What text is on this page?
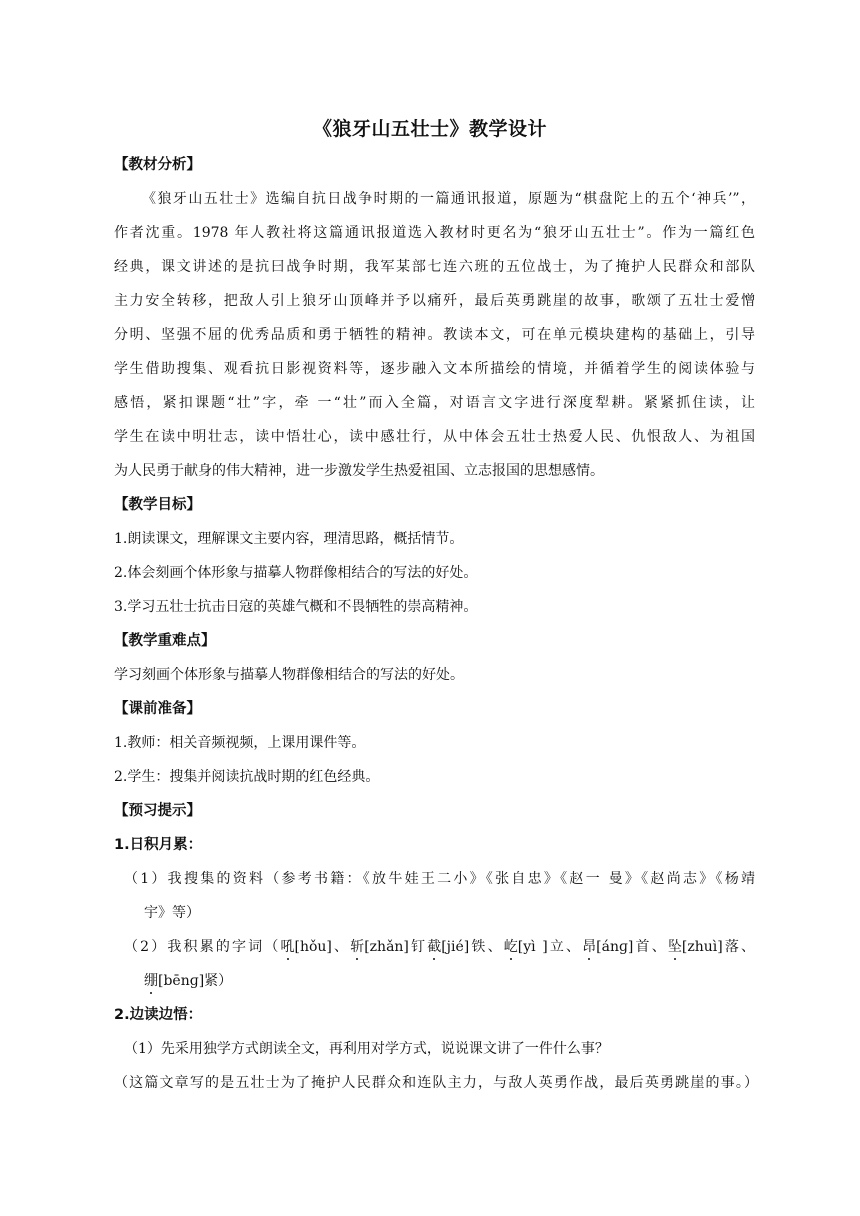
《狼牙山五壮士》教学设计
【教材分析】
《狼牙山五壮士》选编自抗日战争时期的一篇通讯报道，原题为“棋盘陀上的五个‘神兵’”，
作者沈重。1978 年人教社将这篇通讯报道选入教材时更名为“狼牙山五壮士”。作为一篇红色
经典，课文讲述的是抗曰战争时期，我军某部七连六班的五位战士，为了掩护人民群众和部队
主力安全转移，把敌人引上狼牙山顶峰并予以痛歼，最后英勇跳崖的故事，歌颂了五壮士爱憎
分明、坚强不屈的优秀品质和勇于牺牲的精神。教读本文，可在单元模块建构的基础上，引导
学生借助搜集、观看抗日影视资料等，逐步融入文本所描绘的情境，并循着学生的阅读体验与
感悟，紧扣课题“壮”字，牵 一“壮”而入全篇，对语言文字进行深度犁耕。紧紧抓住读，让
学生在读中明壮志，读中悟壮心，读中感壮行，从中体会五壮士热爱人民、仇恨敌人、为祖国
为人民勇于献身的伟大精神，进一步激发学生热爱祖国、立志报国的思想感情。
【教学目标】
1.朗读课文，理解课文主要内容，理清思路，概括情节。
2.体会刻画个体形象与描摹人物群像相结合的写法的好处。
3.学习五壮士抗击日寇的英雄气概和不畏牺牲的崇高精神。
【教学重难点】
学习刻画个体形象与描摹人物群像相结合的写法的好处。
【课前准备】
1.教师：相关音频视频，上课用课件等。
2.学生：搜集并阅读抗战时期的红色经典。
【预习提示】
1.日积月累：
（1）我搜集的资料（参考书籍：《放牛娃王二小》《张自忠》《赵一 曼》《赵尚志》《杨靖
宇》等）
（2）我积累的字词（吼[hǒu]、斩[zhǎn]钉截[jié]铁、屹[yì ]立、昂[ánɡ]首、坠[zhuì]落、
绷[bēnɡ]紧）
2.边读边悟：
（1）先采用独学方式朗读全文，再利用对学方式，说说课文讲了一件什么事？
（这篇文章写的是五壮士为了掩护人民群众和连队主力，与敌人英勇作战，最后英勇跳崖的事。）
